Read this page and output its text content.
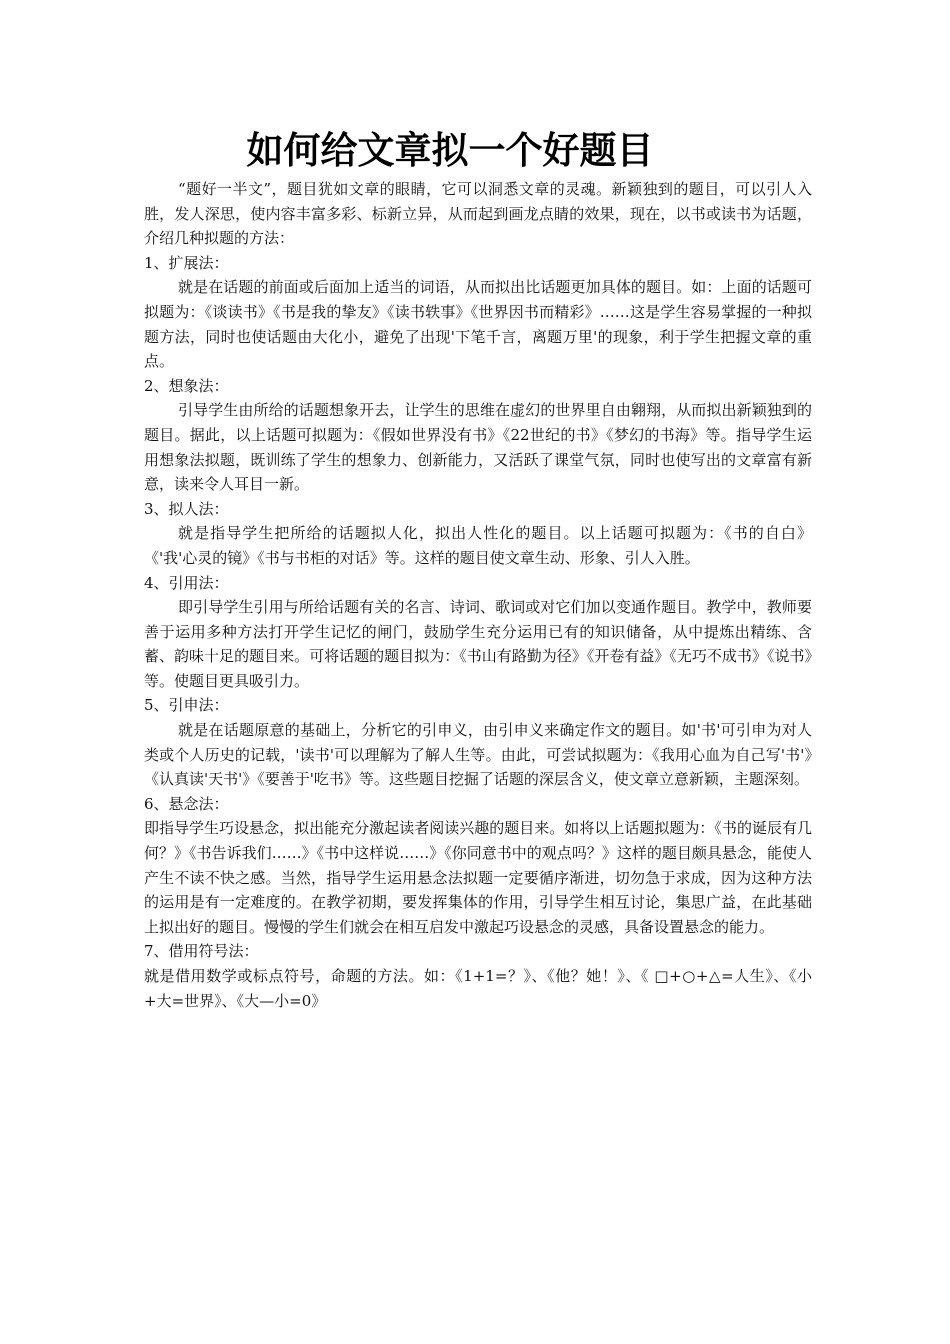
如何给文章拟一个好题目

“题好一半文”，题目犹如文章的眼睛，它可以洞悉文章的灵魂。新颖独到的题目，可以引人入胜，发人深思，使内容丰富多彩、标新立异，从而起到画龙点睛的效果，现在，以书或读书为话题，介绍几种拟题的方法：

1、扩展法：

就是在话题的前面或后面加上适当的词语，从而拟出比话题更加具体的题目。如：上面的话题可拟题为：《谈读书》《书是我的挚友》《读书轶事》《世界因书而精彩》……这是学生容易掌握的一种拟题方法，同时也使话题由大化小，避免了出现'下笔千言，离题万里'的现象，利于学生把握文章的重点。

2、想象法：

引导学生由所给的话题想象开去，让学生的思维在虚幻的世界里自由翱翔，从而拟出新颖独到的题目。据此，以上话题可拟题为：《假如世界没有书》《22世纪的书》《梦幻的书海》等。指导学生运用想象法拟题，既训练了学生的想象力、创新能力，又活跃了课堂气氛，同时也使写出的文章富有新意，读来令人耳目一新。

3、拟人法：

就是指导学生把所给的话题拟人化，拟出人性化的题目。以上话题可拟题为：《书的自白》《'我'心灵的镜》《书与书柜的对话》等。这样的题目使文章生动、形象、引人入胜。

4、引用法：

即引导学生引用与所给话题有关的名言、诗词、歌词或对它们加以变通作题目。教学中，教师要善于运用多种方法打开学生记忆的闸门，鼓励学生充分运用已有的知识储备，从中提炼出精练、含蓄、韵味十足的题目来。可将话题的题目拟为：《书山有路勤为径》《开卷有益》《无巧不成书》《说书》等。使题目更具吸引力。

5、引申法：

就是在话题原意的基础上，分析它的引申义，由引申义来确定作文的题目。如'书'可引申为对人类或个人历史的记载，'读书'可以理解为了解人生等。由此，可尝试拟题为：《我用心血为自己写'书'》《认真读'天书'》《要善于'吃书》等。这些题目挖掘了话题的深层含义，使文章立意新颖，主题深刻。

6、悬念法：

即指导学生巧设悬念，拟出能充分激起读者阅读兴趣的题目来。如将以上话题拟题为：《书的诞辰有几何？》《书告诉我们……》《书中这样说……》《你同意书中的观点吗？》这样的题目颇具悬念，能使人产生不读不快之感。当然，指导学生运用悬念法拟题一定要循序渐进，切勿急于求成，因为这种方法的运用是有一定难度的。在教学初期，要发挥集体的作用，引导学生相互讨论，集思广益，在此基础上拟出好的题目。慢慢的学生们就会在相互启发中激起巧设悬念的灵感，具备设置悬念的能力。

7、借用符号法：

就是借用数学或标点符号，命题的方法。如：《1+1=？》、《他？她！》、《 □+○+△=人生》、《小+大=世界》、《大—小=0》
